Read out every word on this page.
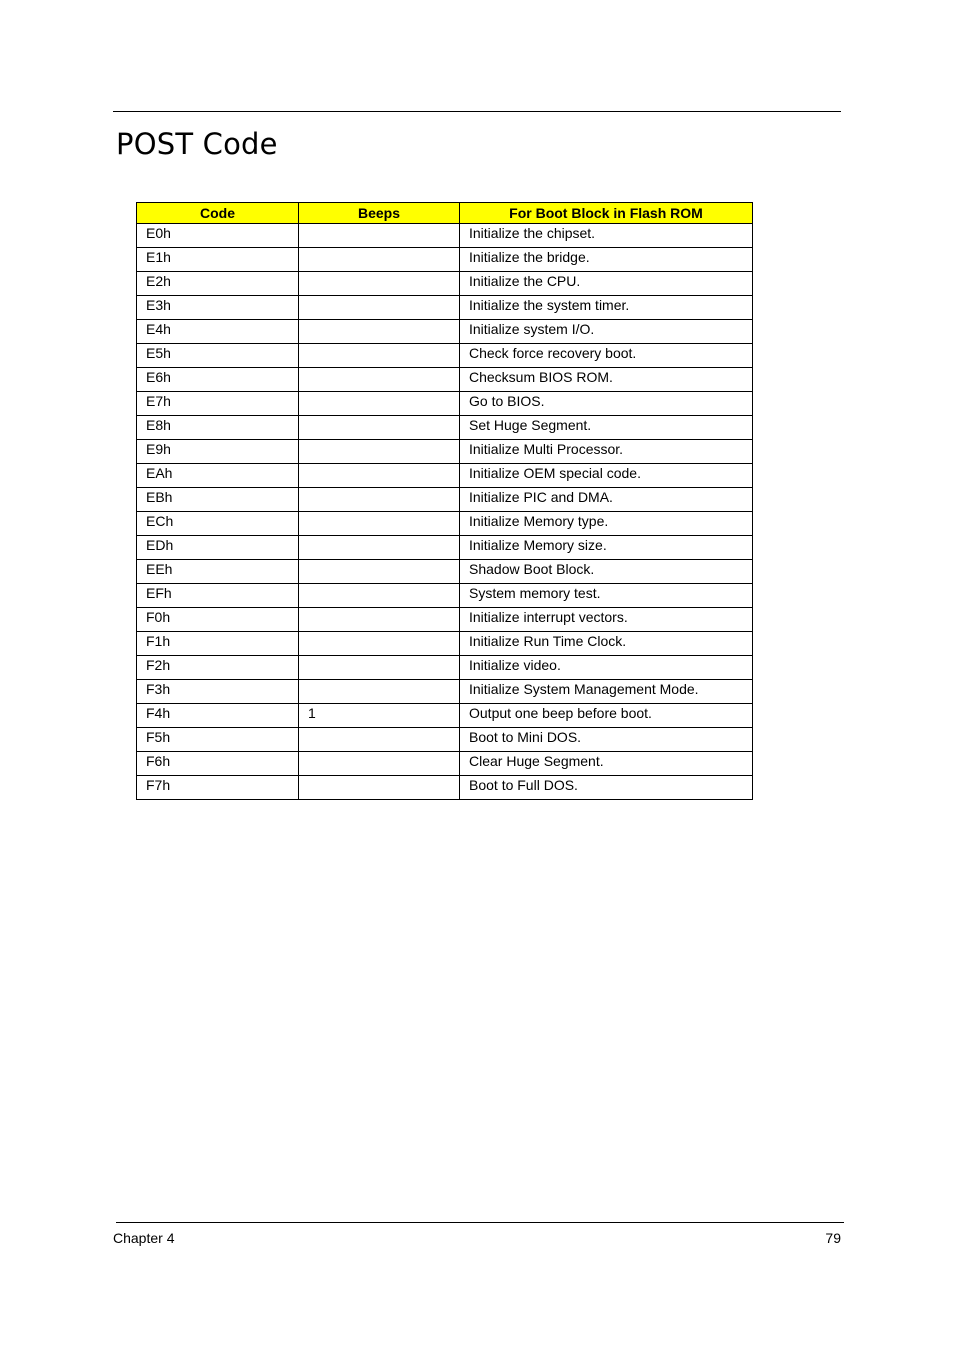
POST Code
Code	Beeps	For Boot Block in Flash ROM
E0h		Initialize the chipset.
E1h		Initialize the bridge.
E2h		Initialize the CPU.
E3h		Initialize the system timer.
E4h		Initialize system I/O.
E5h		Check force recovery boot.
E6h		Checksum BIOS ROM.
E7h		Go to BIOS.
E8h		Set Huge Segment.
E9h		Initialize Multi Processor.
EAh		Initialize OEM special code.
EBh		Initialize PIC and DMA.
ECh		Initialize Memory type.
EDh		Initialize Memory size.
EEh		Shadow Boot Block.
EFh		System memory test.
F0h		Initialize interrupt vectors.
F1h		Initialize Run Time Clock.
F2h		Initialize video.
F3h		Initialize System Management Mode.
F4h	1	Output one beep before boot.
F5h		Boot to Mini DOS.
F6h		Clear Huge Segment.
F7h		Boot to Full DOS.
Chapter 4	79
